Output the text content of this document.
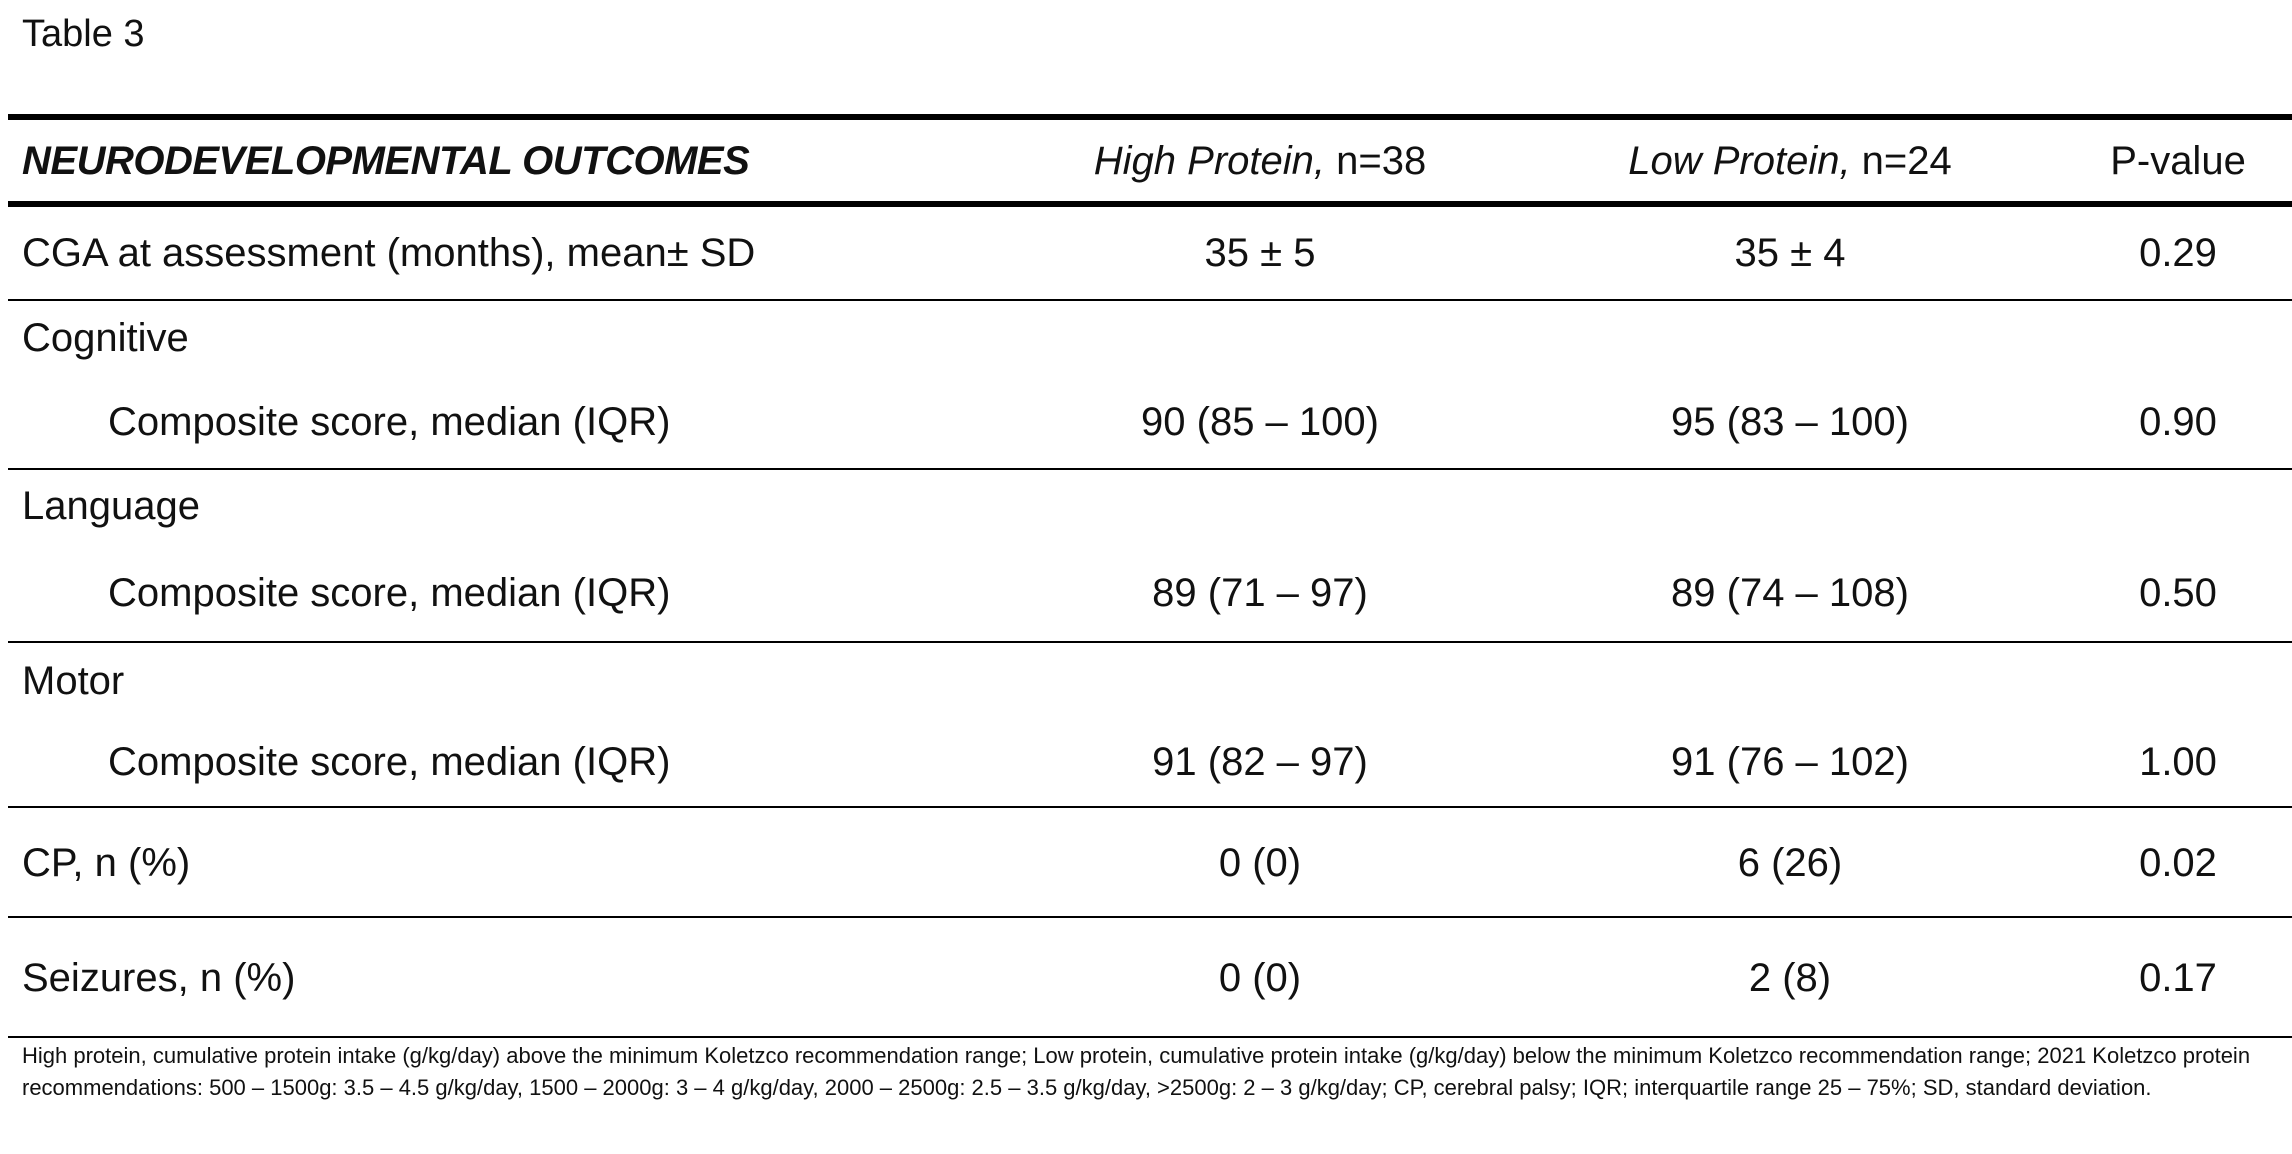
Table 3
NEURODEVELOPMENTAL OUTCOMES	High Protein, n=38	Low Protein, n=24	P-value
CGA at assessment (months), mean± SD	35 ± 5	35 ± 4	0.29
Cognitive
Composite score, median (IQR)	90 (85 – 100)	95 (83 – 100)	0.90
Language
Composite score, median (IQR)	89 (71 – 97)	89 (74 – 108)	0.50
Motor
Composite score, median (IQR)	91 (82 – 97)	91 (76 – 102)	1.00
CP, n (%)	0 (0)	6 (26)	0.02
Seizures, n (%)	0 (0)	2 (8)	0.17
High protein, cumulative protein intake (g/kg/day) above the minimum Koletzco recommendation range; Low protein, cumulative protein intake (g/kg/day) below the minimum Koletzco recommendation range; 2021 Koletzco protein recommendations: 500 – 1500g: 3.5 – 4.5 g/kg/day, 1500 – 2000g: 3 – 4 g/kg/day, 2000 – 2500g: 2.5 – 3.5 g/kg/day, >2500g: 2 – 3 g/kg/day; CP, cerebral palsy; IQR; interquartile range 25 – 75%; SD, standard deviation.
